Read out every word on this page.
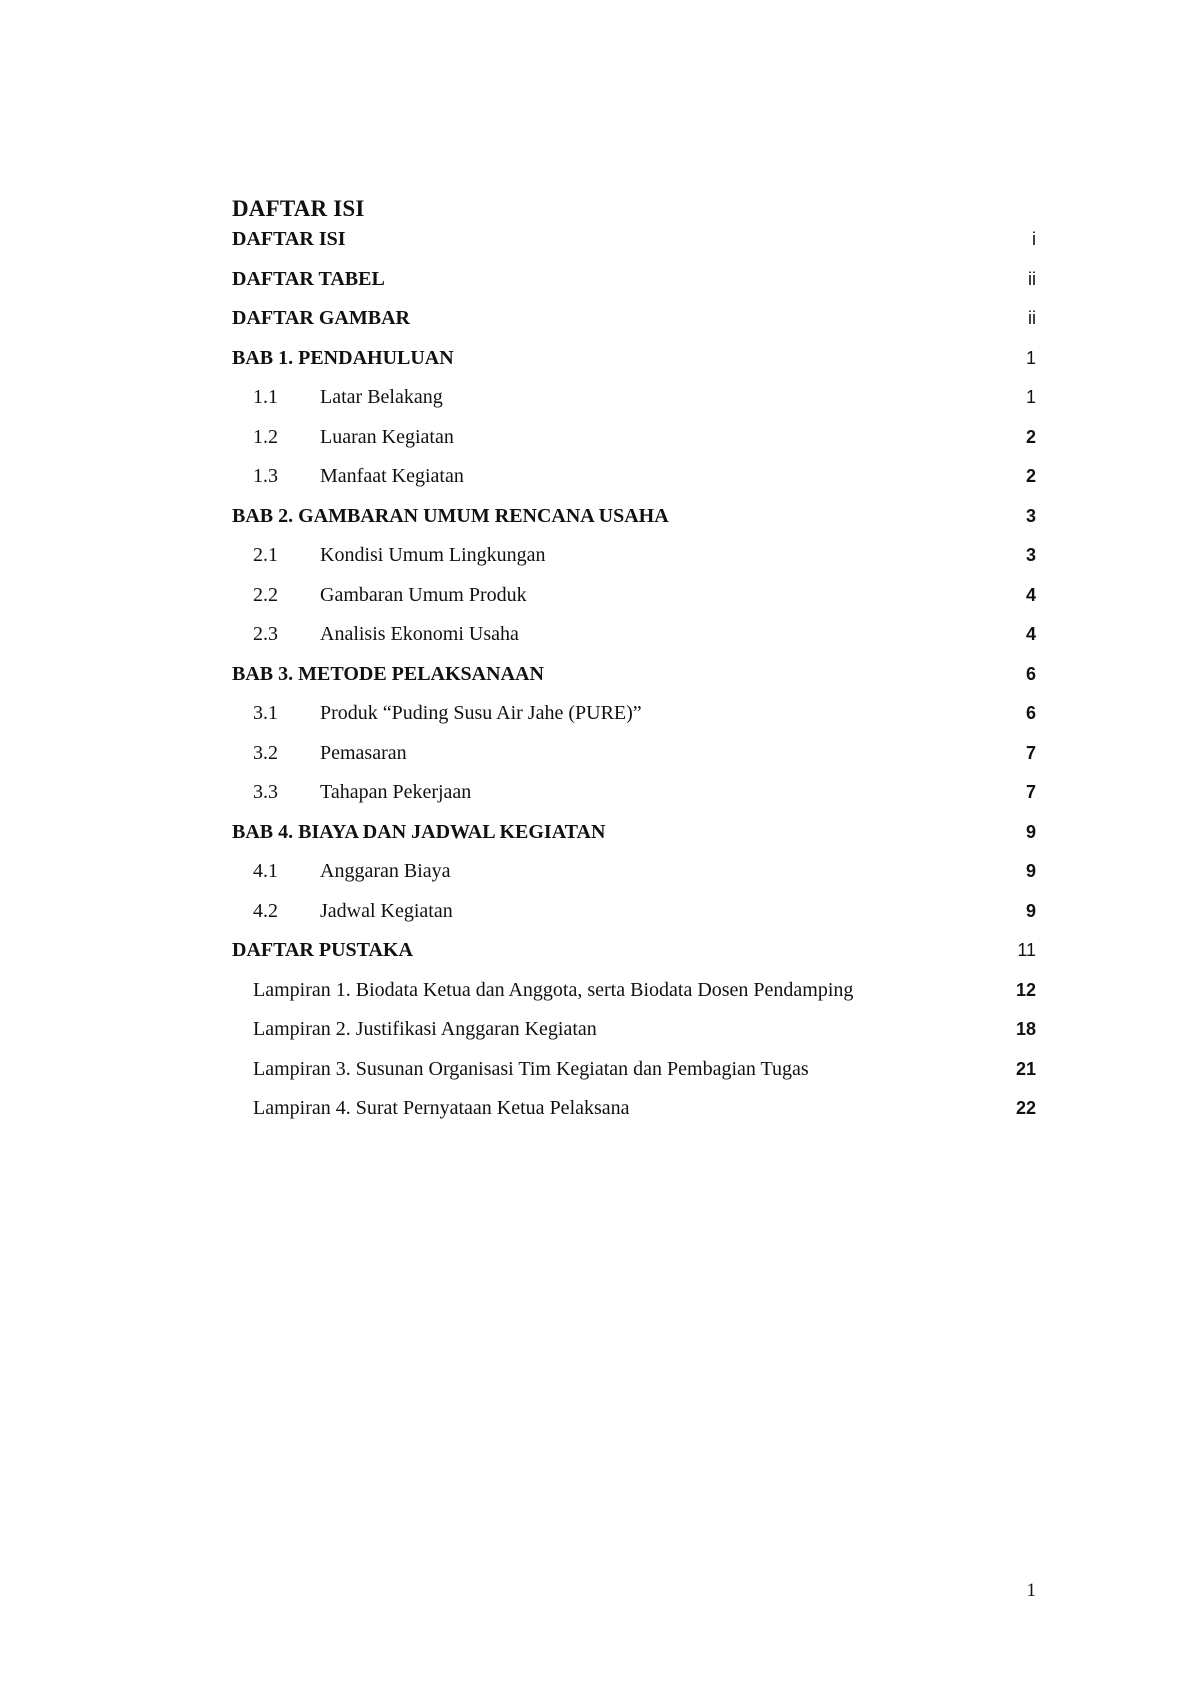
DAFTAR ISI
DAFTAR ISI	i
DAFTAR TABEL	ii
DAFTAR GAMBAR	ii
BAB 1. PENDAHULUAN	1
1.1 Latar Belakang	1
1.2 Luaran Kegiatan	2
1.3 Manfaat Kegiatan	2
BAB 2. GAMBARAN UMUM RENCANA USAHA	3
2.1 Kondisi Umum Lingkungan	3
2.2 Gambaran Umum Produk	4
2.3 Analisis Ekonomi Usaha	4
BAB 3. METODE PELAKSANAAN	6
3.1 Produk “Puding Susu Air Jahe (PURE)”	6
3.2 Pemasaran	7
3.3 Tahapan Pekerjaan	7
BAB 4. BIAYA DAN JADWAL KEGIATAN	9
4.1 Anggaran Biaya	9
4.2 Jadwal Kegiatan	9
DAFTAR PUSTAKA	11
Lampiran 1. Biodata Ketua dan Anggota, serta Biodata Dosen Pendamping	12
Lampiran 2. Justifikasi Anggaran Kegiatan	18
Lampiran 3. Susunan Organisasi Tim Kegiatan dan Pembagian Tugas	21
Lampiran 4. Surat Pernyataan Ketua Pelaksana	22
1
